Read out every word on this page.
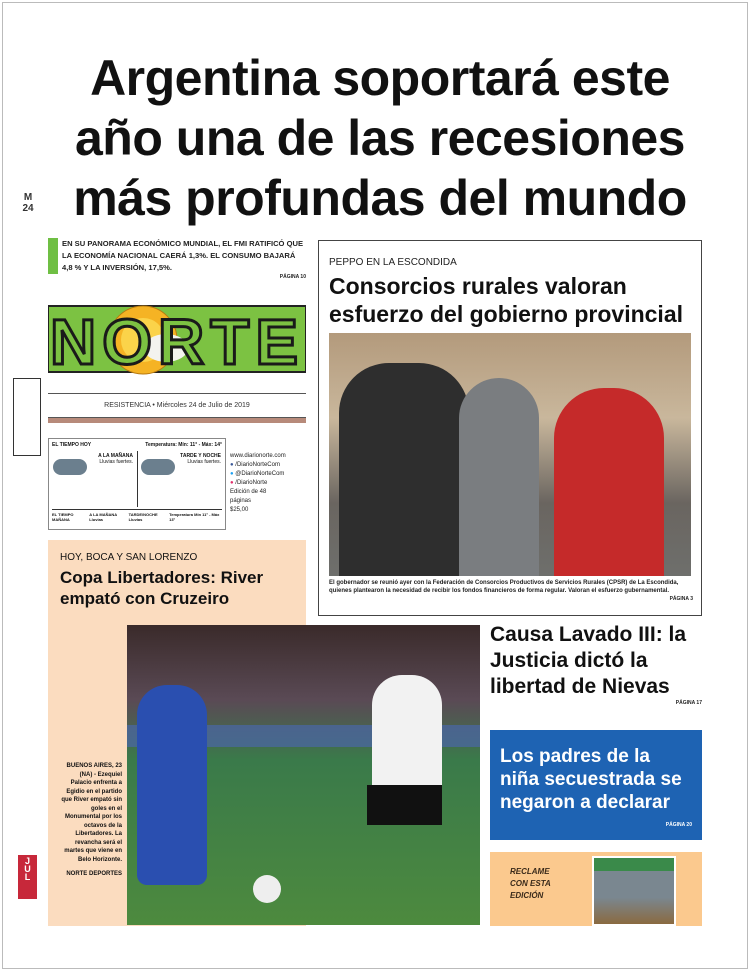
Argentina soportará este
año una de las recesiones
más profundas del mundo
M
24

EN SU PANORAMA ECONÓMICO MUNDIAL, EL FMI RATIFICÓ QUE LA ECONOMÍA NACIONAL CAERÁ 1,3%. EL CONSUMO BAJARÁ 4,8 % Y LA INVERSIÓN, 17,5%.

PÁGINA 10
NORTE
RESISTENCIA • Miércoles 24 de Julio de 2019
EL TIEMPO HOY	Temperatura: Mín: 11° - Máx: 14°
A LA MAÑANA
Lluvias fuertes.
TARDE Y NOCHE
Lluvias fuertes.
EL TIEMPO MAÑANA
A LA MAÑANA Lluvias
TARDE/NOCHE Lluvias
Temperatura Mín 11° - Máx 13°
www.diarionorte.com
● /DiarioNorteCom
● @DiarioNorteCom
● /DiarioNorte
Edición de 48 páginas
$25,00
PEPPO EN LA ESCONDIDA
Consorcios rurales valoran esfuerzo del gobierno provincial
El gobernador se reunió ayer con la Federación de Consorcios Productivos de Servicios Rurales (CPSR) de La Escondida, quienes plantearon la necesidad de recibir los fondos financieros de forma regular. Valoran el esfuerzo gubernamental.
PÁGINA 3
HOY, BOCA Y SAN LORENZO
Copa Libertadores: River empató con Cruzeiro
BUENOS AIRES, 23 (NA) - Ezequiel Palacio enfrenta a Egidio en el partido que River empató sin goles en el Monumental por los octavos de la Libertadores. La revancha será el martes que viene en Belo Horizonte.
NORTE DEPORTES
Causa Lavado III: la Justicia dictó la libertad de Nievas
PÁGINA 17
Los padres de la niña secuestrada se negaron a declarar
PÁGINA 20
RECLAME CON ESTA EDICIÓN
JUL
